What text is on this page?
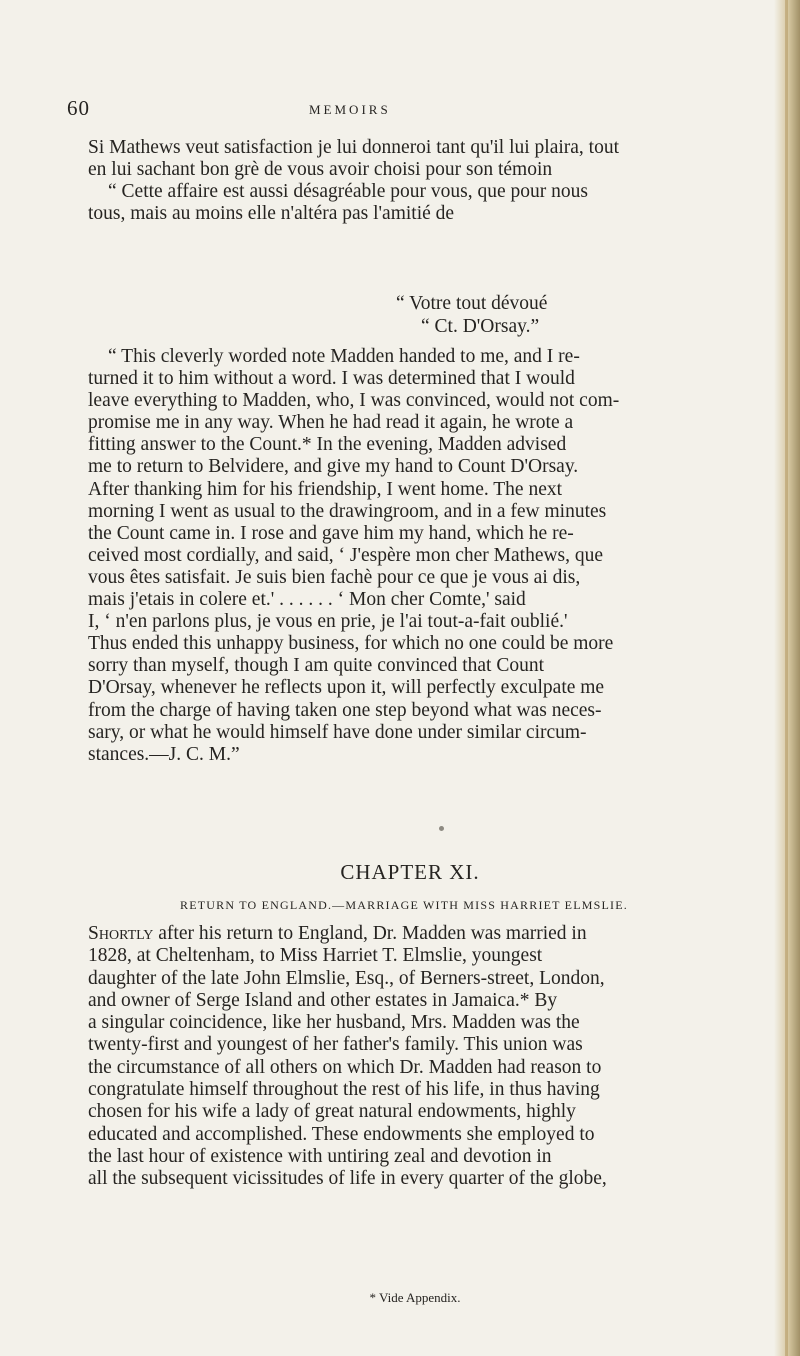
60	MEMOIRS
Si Mathews veut satisfaction je lui donneroi tant qu'il lui plaira, tout
en lui sachant bon grè de vous avoir choisi pour son témoin
“ Cette affaire est aussi désagréable pour vous, que pour nous
tous, mais au moins elle n'altéra pas l'amitié de
“ Votre tout dévoué
“ Ct. D'Orsay.”
“ This cleverly worded note Madden handed to me, and I re-
turned it to him without a word. I was determined that I would
leave everything to Madden, who, I was convinced, would not com-
promise me in any way. When he had read it again, he wrote a
fitting answer to the Count.* In the evening, Madden advised
me to return to Belvidere, and give my hand to Count D'Orsay.
After thanking him for his friendship, I went home. The next
morning I went as usual to the drawingroom, and in a few minutes
the Count came in. I rose and gave him my hand, which he re-
ceived most cordially, and said, ‘ J'espère mon cher Mathews, que
vous êtes satisfait. Je suis bien fachè pour ce que je vous ai dis,
mais j'etais in colere et.' . . . . . . ‘ Mon cher Comte,' said
I, ‘ n'en parlons plus, je vous en prie, je l'ai tout-a-fait oublié.'
Thus ended this unhappy business, for which no one could be more
sorry than myself, though I am quite convinced that Count
D'Orsay, whenever he reflects upon it, will perfectly exculpate me
from the charge of having taken one step beyond what was neces-
sary, or what he would himself have done under similar circum-
stances.—J. C. M.”
CHAPTER XI.
RETURN TO ENGLAND.—MARRIAGE WITH MISS HARRIET ELMSLIE.
Shortly after his return to England, Dr. Madden was married in
1828, at Cheltenham, to Miss Harriet T. Elmslie, youngest
daughter of the late John Elmslie, Esq., of Berners-street, London,
and owner of Serge Island and other estates in Jamaica.* By
a singular coincidence, like her husband, Mrs. Madden was the
twenty-first and youngest of her father's family. This union was
the circumstance of all others on which Dr. Madden had reason to
congratulate himself throughout the rest of his life, in thus having
chosen for his wife a lady of great natural endowments, highly
educated and accomplished. These endowments she employed to
the last hour of existence with untiring zeal and devotion in
all the subsequent vicissitudes of life in every quarter of the globe,
* Vide Appendix.
